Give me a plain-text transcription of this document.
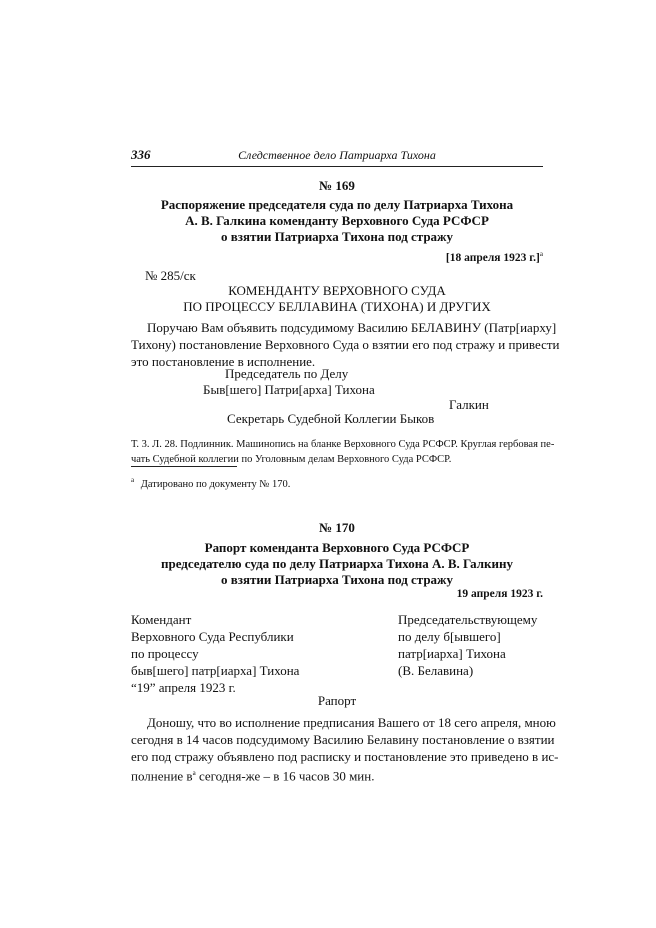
336	Следственное дело Патриарха Тихона
№ 169
Распоряжение председателя суда по делу Патриарха Тихона
А. В. Галкина коменданту Верховного Суда РСФСР
о взятии Патриарха Тихона под стражу
[18 апреля 1923 г.]$^a$
№ 285/ск
КОМЕНДАНТУ ВЕРХОВНОГО СУДА
ПО ПРОЦЕССУ БЕЛЛАВИНА (ТИХОНА) И ДРУГИХ
Поручаю Вам объявить подсудимому Василию БЕЛАВИНУ (Патр[иарху]
Тихону) постановление Верховного Суда о взятии его под стражу и привести
это постановление в исполнение.
Председатель по Делу
Быв[шего] Патри[арха] Тихона
Галкин
Секретарь Судебной Коллегии Быков
Т. 3. Л. 28. Подлинник. Машинопись на бланке Верховного Суда РСФСР. Круглая гербовая пе-
чать Судебной коллегии по Уголовным делам Верховного Суда РСФСР.
$^a$ Датировано по документу № 170.
№ 170
Рапорт коменданта Верховного Суда РСФСР
председателю суда по делу Патриарха Тихона А. В. Галкину
о взятии Патриарха Тихона под стражу
19 апреля 1923 г.
Комендант
Верховного Суда Республики
по процессу
быв[шего] патр[иарха] Тихона
“19” апреля 1923 г.
Председательствующему
по делу б[ывшего]
патр[иарха] Тихона
(В. Белавина)
Рапорт
Доношу, что во исполнение предписания Вашего от 18 сего апреля, мною
сегодня в 14 часов подсудимому Василию Белавину постановление о взятии
его под стражу объявлено под расписку и постановление это приведено в ис-
полнение $в^a$ сегодня-же – в 16 часов 30 мин.
